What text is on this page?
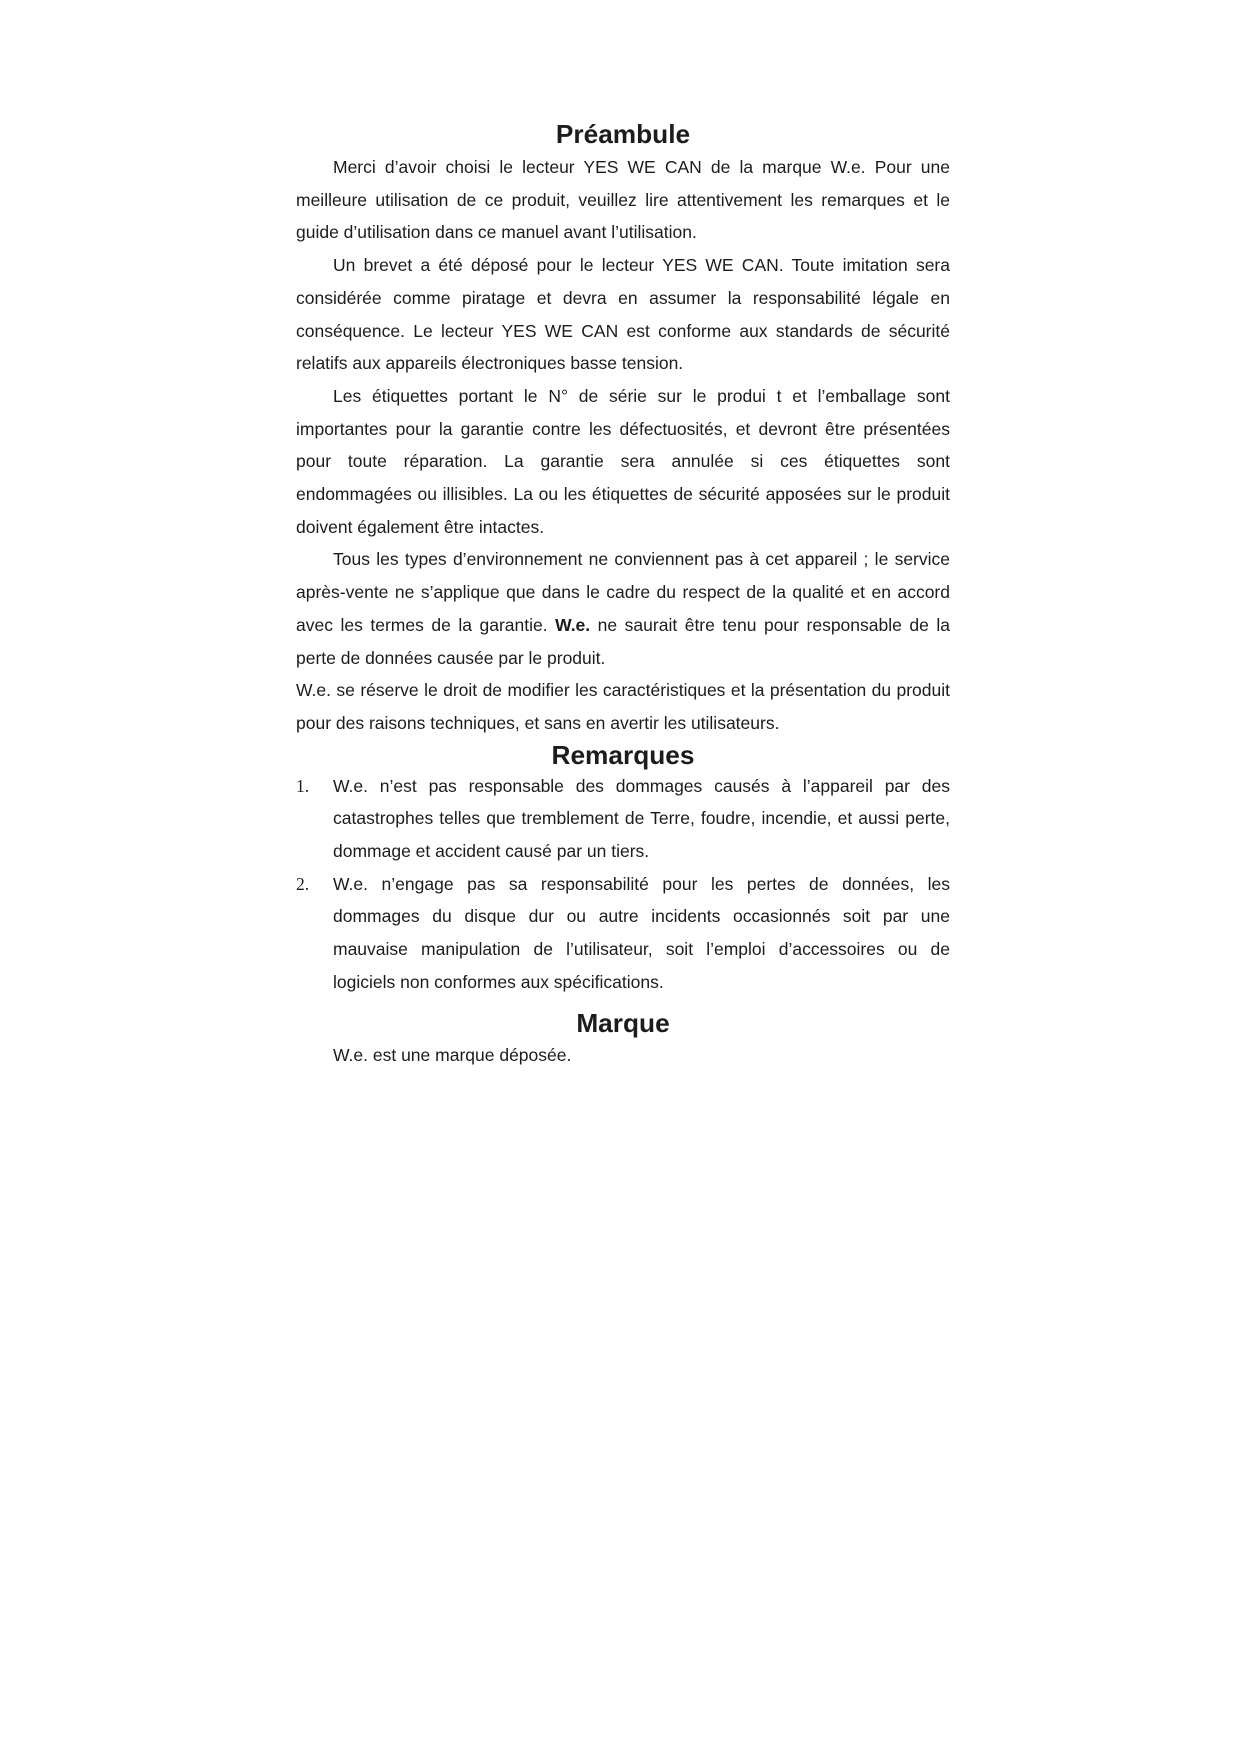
Préambule

Merci d’avoir choisi le lecteur YES WE CAN de la marque W.e. Pour une meilleure utilisation de ce produit, veuillez lire attentivement les remarques et le guide d’utilisation dans ce manuel avant l’utilisation.

Un brevet a été déposé pour le lecteur YES WE CAN. Toute imitation sera considérée comme piratage et devra en assumer la responsabilité légale en conséquence. Le lecteur YES WE CAN est conforme aux standards de sécurité relatifs aux appareils électroniques basse tension.

Les étiquettes portant le N° de série sur le produi t et l’emballage sont importantes pour la garantie contre les défectuosités, et devront être présentées pour toute réparation. La garantie sera annulée si ces étiquettes sont endommagées ou illisibles. La ou les étiquettes de sécurité apposées sur le produit doivent également être intactes.

Tous les types d’environnement ne conviennent pas à cet appareil ; le service après-vente ne s’applique que dans le cadre du respect de la qualité et en accord avec les termes de la garantie. W.e. ne saurait être tenu pour responsable de la perte de données causée par le produit.

W.e. se réserve le droit de modifier les caractéristiques et la présentation du produit pour des raisons techniques, et sans en avertir les utilisateurs.

Remarques
1. W.e. n’est pas responsable des dommages causés à l’appareil par des catastrophes telles que tremblement de Terre, foudre, incendie, et aussi perte, dommage et accident causé par un tiers.
2. W.e. n’engage pas sa responsabilité pour les pertes de données, les dommages du disque dur ou autre incidents occasionnés soit par une mauvaise manipulation de l’utilisateur, soit l’emploi d’accessoires ou de logiciels non conformes aux spécifications.
Marque

W.e. est une marque déposée.
